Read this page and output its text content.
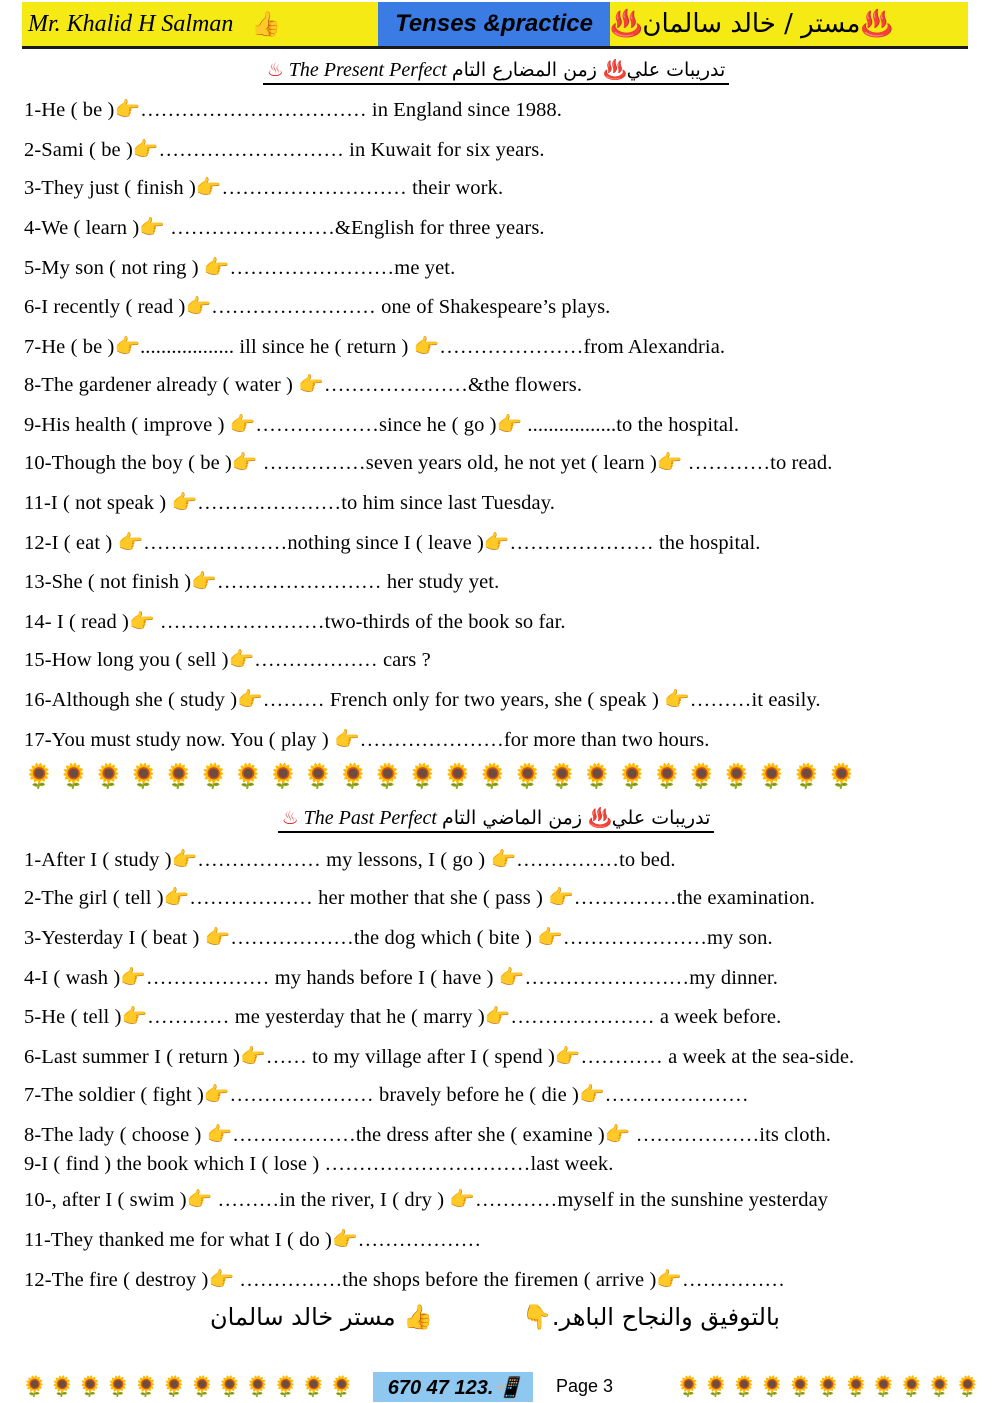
Mr. Khalid H Salman 👍	Tenses &practice ♨️مستر / خالد سالمان♨️
♨ The Present Perfect تدريبات علي♨️ زمن المضارع التام
1-He ( be )👉…………………………… in England since 1988.
2-Sami ( be )👉……………………… in Kuwait for six years.
3-They just ( finish )👉……………………… their work.
4-We ( learn )👉 ……………………&English for three years.
5-My son ( not ring ) 👉……………………me yet.
6-I recently ( read )👉…………………… one of Shakespeare’s plays.
7-He ( be )👉.................. ill since he ( return ) 👉…………………from Alexandria.
8-The gardener already ( water ) 👉…………………&the flowers.
9-His health ( improve ) 👉………………since he ( go )👉 .................to the hospital.
10-Though the boy ( be )👉 ……………seven years old, he not yet ( learn )👉 …………to read.
11-I ( not speak ) 👉…………………to him since last Tuesday.
12-I ( eat ) 👉…………………nothing since I ( leave )👉………………… the hospital.
13-She ( not finish )👉…………………… her study yet.
14- I ( read )👉 ……………………two-thirds of the book so far.
15-How long you ( sell )👉……………… cars ?
16-Although she ( study )👉……… French only for two years, she ( speak ) 👉………it easily.
17-You must study now. You ( play ) 👉…………………for more than two hours.
🌻🌻🌻🌻🌻🌻🌻🌻🌻🌻🌻🌻🌻🌻🌻🌻🌻🌻🌻🌻🌻🌻🌻🌻
♨ The Past Perfect تدريبات علي♨️ زمن الماضي التام
1-After I ( study )👉……………… my lessons, I ( go ) 👉……………to bed.
2-The girl ( tell )👉……………… her mother that she ( pass ) 👉……………the examination.
3-Yesterday I ( beat ) 👉………………the dog which ( bite ) 👉…………………my son.
4-I ( wash )👉……………… my hands before I ( have ) 👉……………………my dinner.
5-He ( tell )👉………… me yesterday that he ( marry )👉………………… a week before.
6-Last summer I ( return )👉…… to my village after I ( spend )👉………… a week at the sea-side.
7-The soldier ( fight )👉………………… bravely before he ( die )👉…………………
8-The lady ( choose ) 👉………………the dress after she ( examine )👉 ………………its cloth.
9-I ( find ) the book which I ( lose ) …………………………last week.
10-, after I ( swim )👉 ………in the river, I ( dry ) 👉…………myself in the sunshine yesterday
11-They thanked me for what I ( do )👉………………
12-The fire ( destroy )👉 ……………the shops before the firemen ( arrive )👉……………
مستر خالد سالمان 👍	بالتوفيق والنجاح الباهر.👇
🌻🌻🌻🌻🌻🌻🌻🌻🌻🌻🌻🌻	670 47 123.📲	Page 3	🌻🌻🌻🌻🌻🌻🌻🌻🌻🌻🌻
